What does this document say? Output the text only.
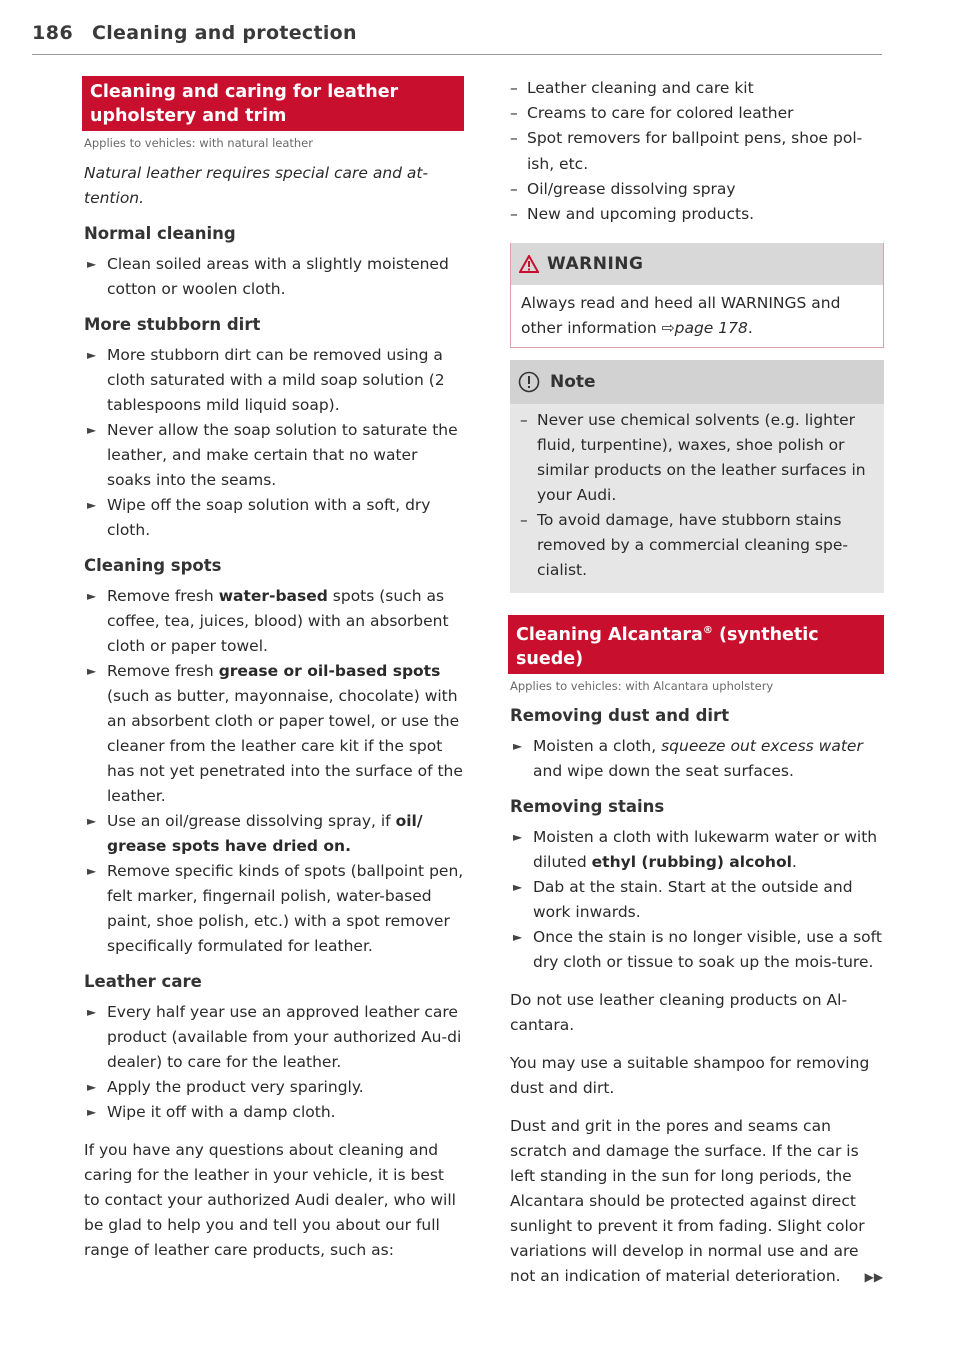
186 Cleaning and protection
Cleaning and caring for leather upholstery and trim
Applies to vehicles: with natural leather
Natural leather requires special care and at-tention.
Normal cleaning
► Clean soiled areas with a slightly moistened cotton or woolen cloth.
More stubborn dirt
► More stubborn dirt can be removed using a cloth saturated with a mild soap solution (2 tablespoons mild liquid soap).
► Never allow the soap solution to saturate the leather, and make certain that no water soaks into the seams.
► Wipe off the soap solution with a soft, dry cloth.
Cleaning spots
► Remove fresh water-based spots (such as coffee, tea, juices, blood) with an absorbent cloth or paper towel.
► Remove fresh grease or oil-based spots (such as butter, mayonnaise, chocolate) with an absorbent cloth or paper towel, or use the cleaner from the leather care kit if the spot has not yet penetrated into the surface of the leather.
► Use an oil/grease dissolving spray, if oil/ grease spots have dried on.
► Remove specific kinds of spots (ballpoint pen, felt marker, fingernail polish, water-based paint, shoe polish, etc.) with a spot remover specifically formulated for leather.
Leather care
► Every half year use an approved leather care product (available from your authorized Au-di dealer) to care for the leather.
► Apply the product very sparingly.
► Wipe it off with a damp cloth.
If you have any questions about cleaning and caring for the leather in your vehicle, it is best to contact your authorized Audi dealer, who will be glad to help you and tell you about our full range of leather care products, such as:
– Leather cleaning and care kit
– Creams to care for colored leather
– Spot removers for ballpoint pens, shoe pol-ish, etc.
– Oil/grease dissolving spray
– New and upcoming products.
WARNING
Always read and heed all WARNINGS and other information ⇨page 178.
Note
– Never use chemical solvents (e.g. lighter fluid, turpentine), waxes, shoe polish or similar products on the leather surfaces in your Audi.
– To avoid damage, have stubborn stains removed by a commercial cleaning spe-cialist.
Cleaning Alcantara® (synthetic suede)
Applies to vehicles: with Alcantara upholstery
Removing dust and dirt
► Moisten a cloth, squeeze out excess water and wipe down the seat surfaces.
Removing stains
► Moisten a cloth with lukewarm water or with diluted ethyl (rubbing) alcohol.
► Dab at the stain. Start at the outside and work inwards.
► Once the stain is no longer visible, use a soft dry cloth or tissue to soak up the mois-ture.
Do not use leather cleaning products on Al-cantara.
You may use a suitable shampoo for removing dust and dirt.
Dust and grit in the pores and seams can scratch and damage the surface. If the car is left standing in the sun for long periods, the Alcantara should be protected against direct sunlight to prevent it from fading. Slight color variations will develop in normal use and are not an indication of material deterioration. ▶▶
